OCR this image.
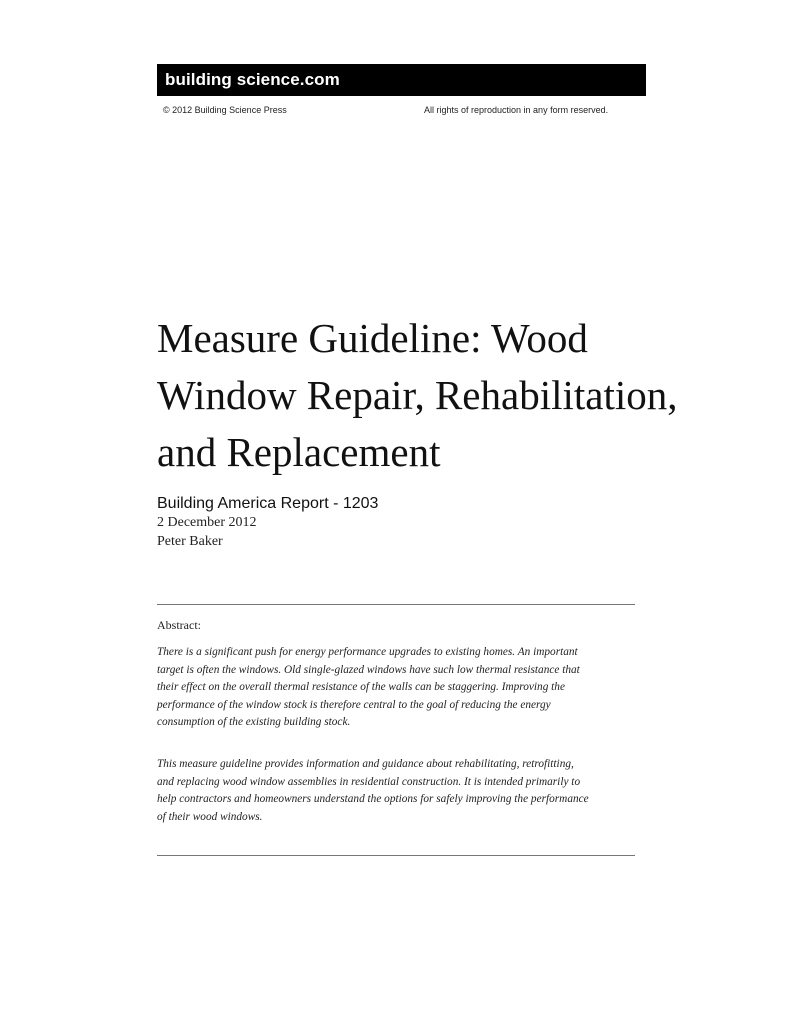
building science.com
© 2012 Building Science Press	All rights of reproduction in any form reserved.
Measure Guideline: Wood
Window Repair, Rehabilitation,
and Replacement
Building America Report - 1203
2 December 2012
Peter Baker
Abstract:

There is a significant push for energy performance upgrades to existing homes. An important
target is often the windows. Old single-glazed windows have such low thermal resistance that
their effect on the overall thermal resistance of the walls can be staggering. Improving the
performance of the window stock is therefore central to the goal of reducing the energy
consumption of the existing building stock.

This measure guideline provides information and guidance about rehabilitating, retrofitting,
and replacing wood window assemblies in residential construction. It is intended primarily to
help contractors and homeowners understand the options for safely improving the performance
of their wood windows.
